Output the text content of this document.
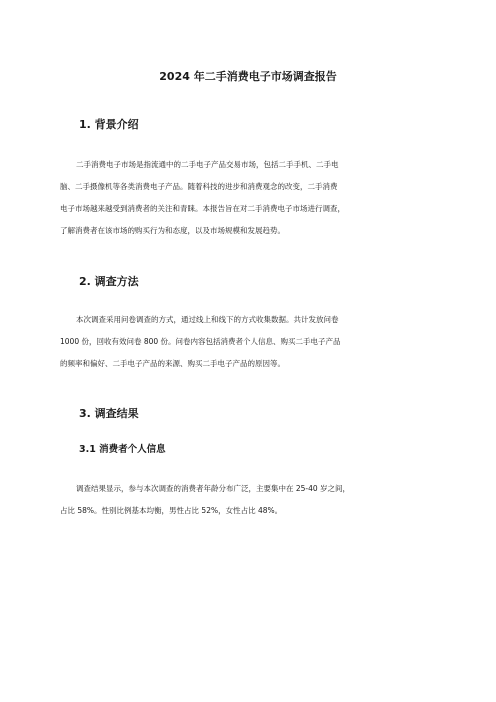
2024 年二手消费电子市场调查报告
1. 背景介绍
二手消费电子市场是指流通中的二手电子产品交易市场，包括二手手机、二手电
脑、二手摄像机等各类消费电子产品。随着科技的进步和消费观念的改变，二手消费
电子市场越来越受到消费者的关注和青睐。本报告旨在对二手消费电子市场进行调查，
了解消费者在该市场的购买行为和态度，以及市场规模和发展趋势。
2. 调查方法
本次调查采用问卷调查的方式，通过线上和线下的方式收集数据。共计发放问卷
1000 份，回收有效问卷 800 份。问卷内容包括消费者个人信息、购买二手电子产品
的频率和偏好、二手电子产品的来源、购买二手电子产品的原因等。
3. 调查结果
3.1 消费者个人信息
调查结果显示，参与本次调查的消费者年龄分布广泛，主要集中在 25-40 岁之间，
占比 58%。性别比例基本均衡，男性占比 52%，女性占比 48%。
